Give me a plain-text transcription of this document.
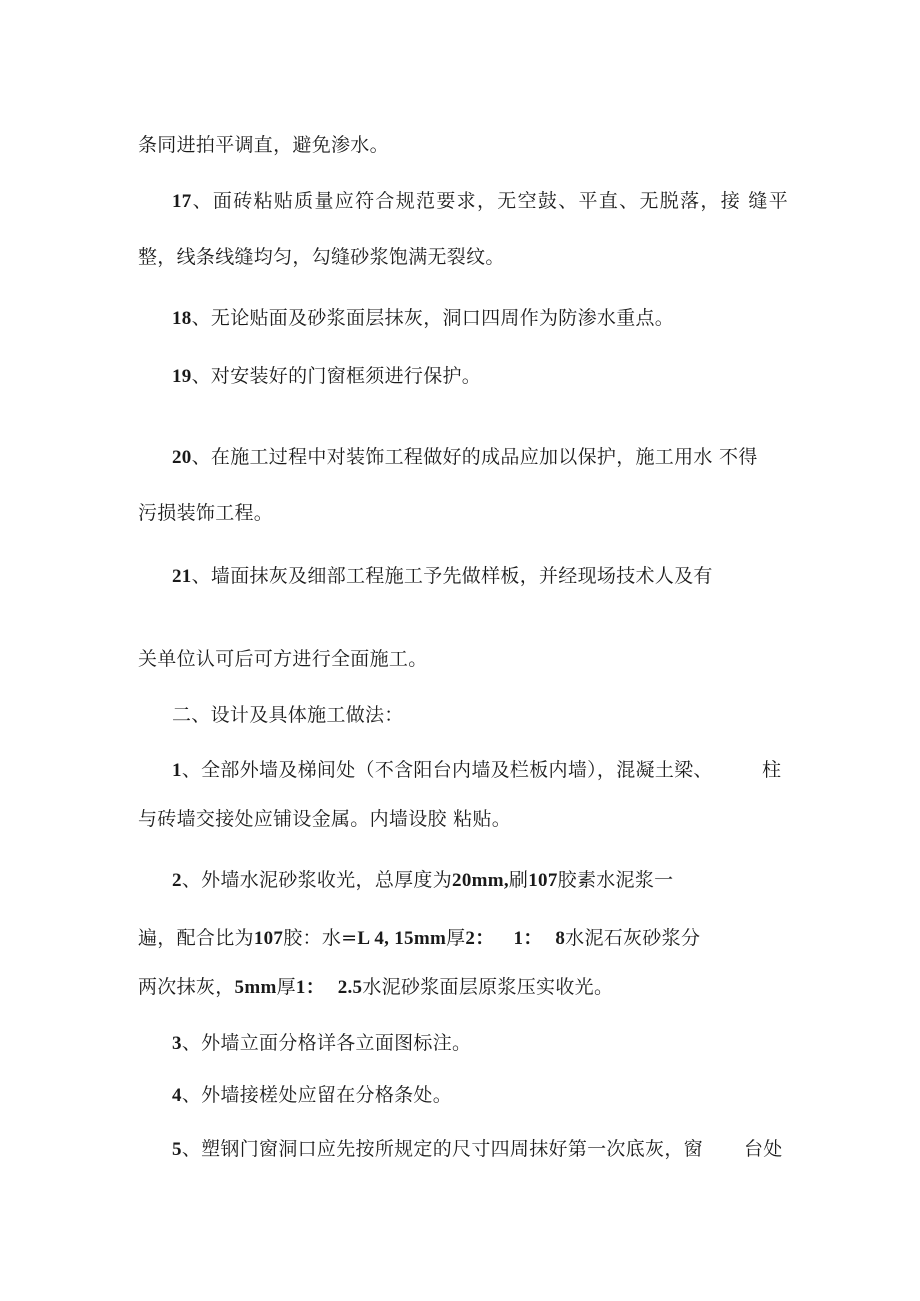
条同进拍平调直，避免渗水。
17、面砖粘贴质量应符合规范要求，无空鼓、平直、无脱落，接 缝平
整，线条线缝均匀，勾缝砂浆饱满无裂纹。
18、无论贴面及砂浆面层抹灰，洞口四周作为防渗水重点。
19、对安装好的门窗框须进行保护。
20、在施工过程中对装饰工程做好的成品应加以保护，施工用水 不得
污损装饰工程。
21、墙面抹灰及细部工程施工予先做样板，并经现场技术人及有
关单位认可后可方进行全面施工。
二、设计及具体施工做法：
1、全部外墙及梯间处（不含阳台内墙及栏板内墙），混凝土梁、	柱
与砖墙交接处应铺设金属。内墙设胶 粘贴。
2、外墙水泥砂浆收光，总厚度为20mm,刷107胶素水泥浆一
遍，配合比为107胶：水=L 4, 15mm厚2： 1： 8水泥石灰砂浆分
两次抹灰，5mm厚1： 2.5水泥砂浆面层原浆压实收光。
3、外墙立面分格详各立面图标注。
4、外墙接槎处应留在分格条处。
5、塑钢门窗洞口应先按所规定的尺寸四周抹好第一次底灰，窗 台处
